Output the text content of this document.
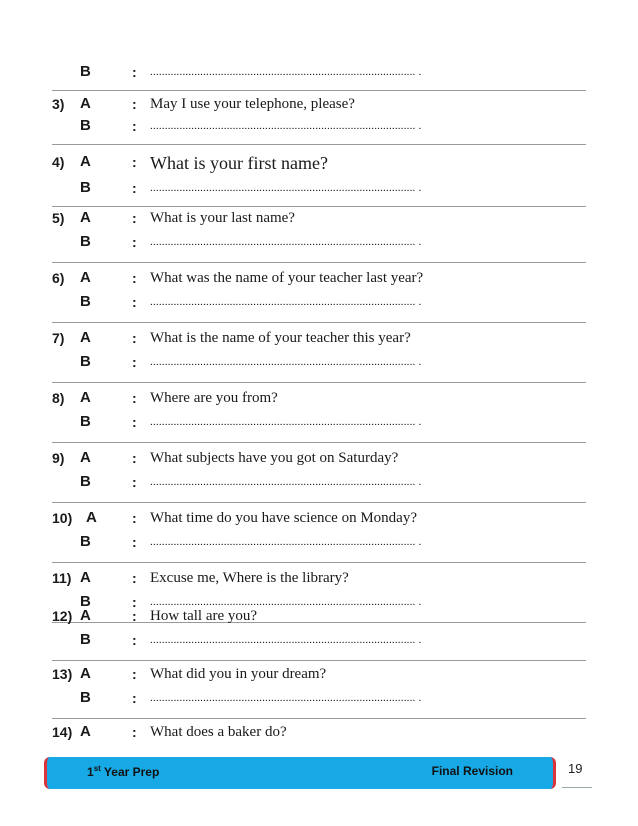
B	:	.......................................................................................... .
3)	A	: May I use your telephone, please?
B	:	.......................................................................................... .
4)	A	: What is your first name?
B	:	.......................................................................................... .
5)	A	: What is your last name?
B	:	.......................................................................................... .
6)	A	: What was the name of your teacher last year?
B	:	.......................................................................................... .
7)	A	: What is the name of your teacher this year?
B	:	.......................................................................................... .
8)	A	: Where are you from?
B	:	.......................................................................................... .
9)	A	: What subjects have you got on Saturday?
B	:	.......................................................................................... .
10) A	: What time do you have science on Monday?
B	:	.......................................................................................... .
11) A	: Excuse me, Where is the library?
B	:	.......................................................................................... .
12) A	: How tall are you?
B	:	.......................................................................................... .
1st Year Prep	Final Revision	19
13) A	: What did you in your dream?
B	:	.......................................................................................... .
14) A	: What does a baker do?
